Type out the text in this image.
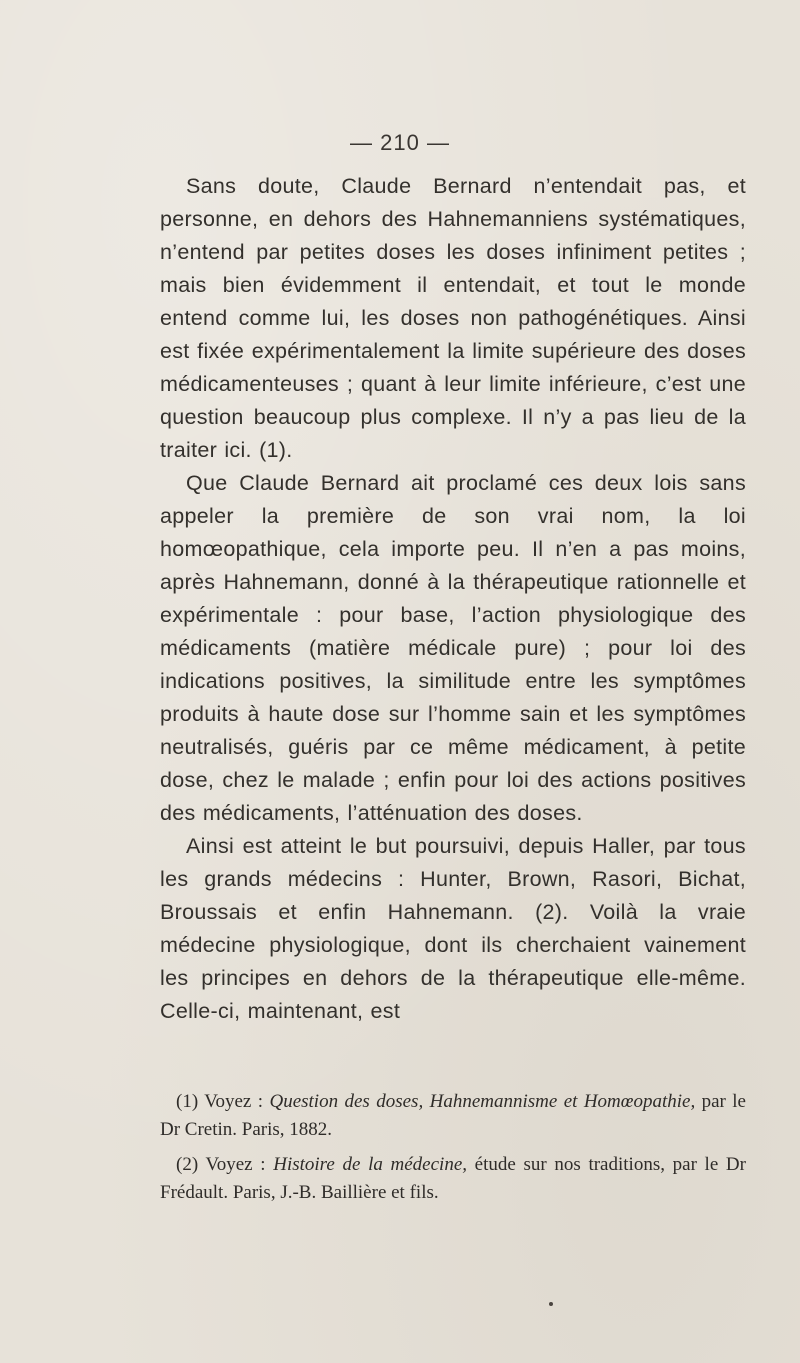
— 210 —

Sans doute, Claude Bernard n’entendait pas, et personne, en dehors des Hahnemanniens systématiques, n’entend par petites doses les doses infiniment petites ; mais bien évidemment il entendait, et tout le monde entend comme lui, les doses non pathogénétiques. Ainsi est fixée expérimentalement la limite supérieure des doses médicamenteuses ; quant à leur limite inférieure, c’est une question beaucoup plus complexe. Il n’y a pas lieu de la traiter ici. (1).

Que Claude Bernard ait proclamé ces deux lois sans appeler la première de son vrai nom, la loi homœopathique, cela importe peu. Il n’en a pas moins, après Hahnemann, donné à la thérapeutique rationnelle et expérimentale : pour base, l’action physiologique des médicaments (matière médicale pure) ; pour loi des indications positives, la similitude entre les symptômes produits à haute dose sur l’homme sain et les symptômes neutralisés, guéris par ce même médicament, à petite dose, chez le malade ; enfin pour loi des actions positives des médicaments, l’atténuation des doses.

Ainsi est atteint le but poursuivi, depuis Haller, par tous les grands médecins : Hunter, Brown, Rasori, Bichat, Broussais et enfin Hahnemann. (2). Voilà la vraie médecine physiologique, dont ils cherchaient vainement les principes en dehors de la thérapeutique elle-même. Celle-ci, maintenant, est

(1) Voyez : Question des doses, Hahnemannisme et Homœopathie, par le Dr Cretin. Paris, 1882.

(2) Voyez : Histoire de la médecine, étude sur nos traditions, par le Dr Frédault. Paris, J.-B. Baillière et fils.
